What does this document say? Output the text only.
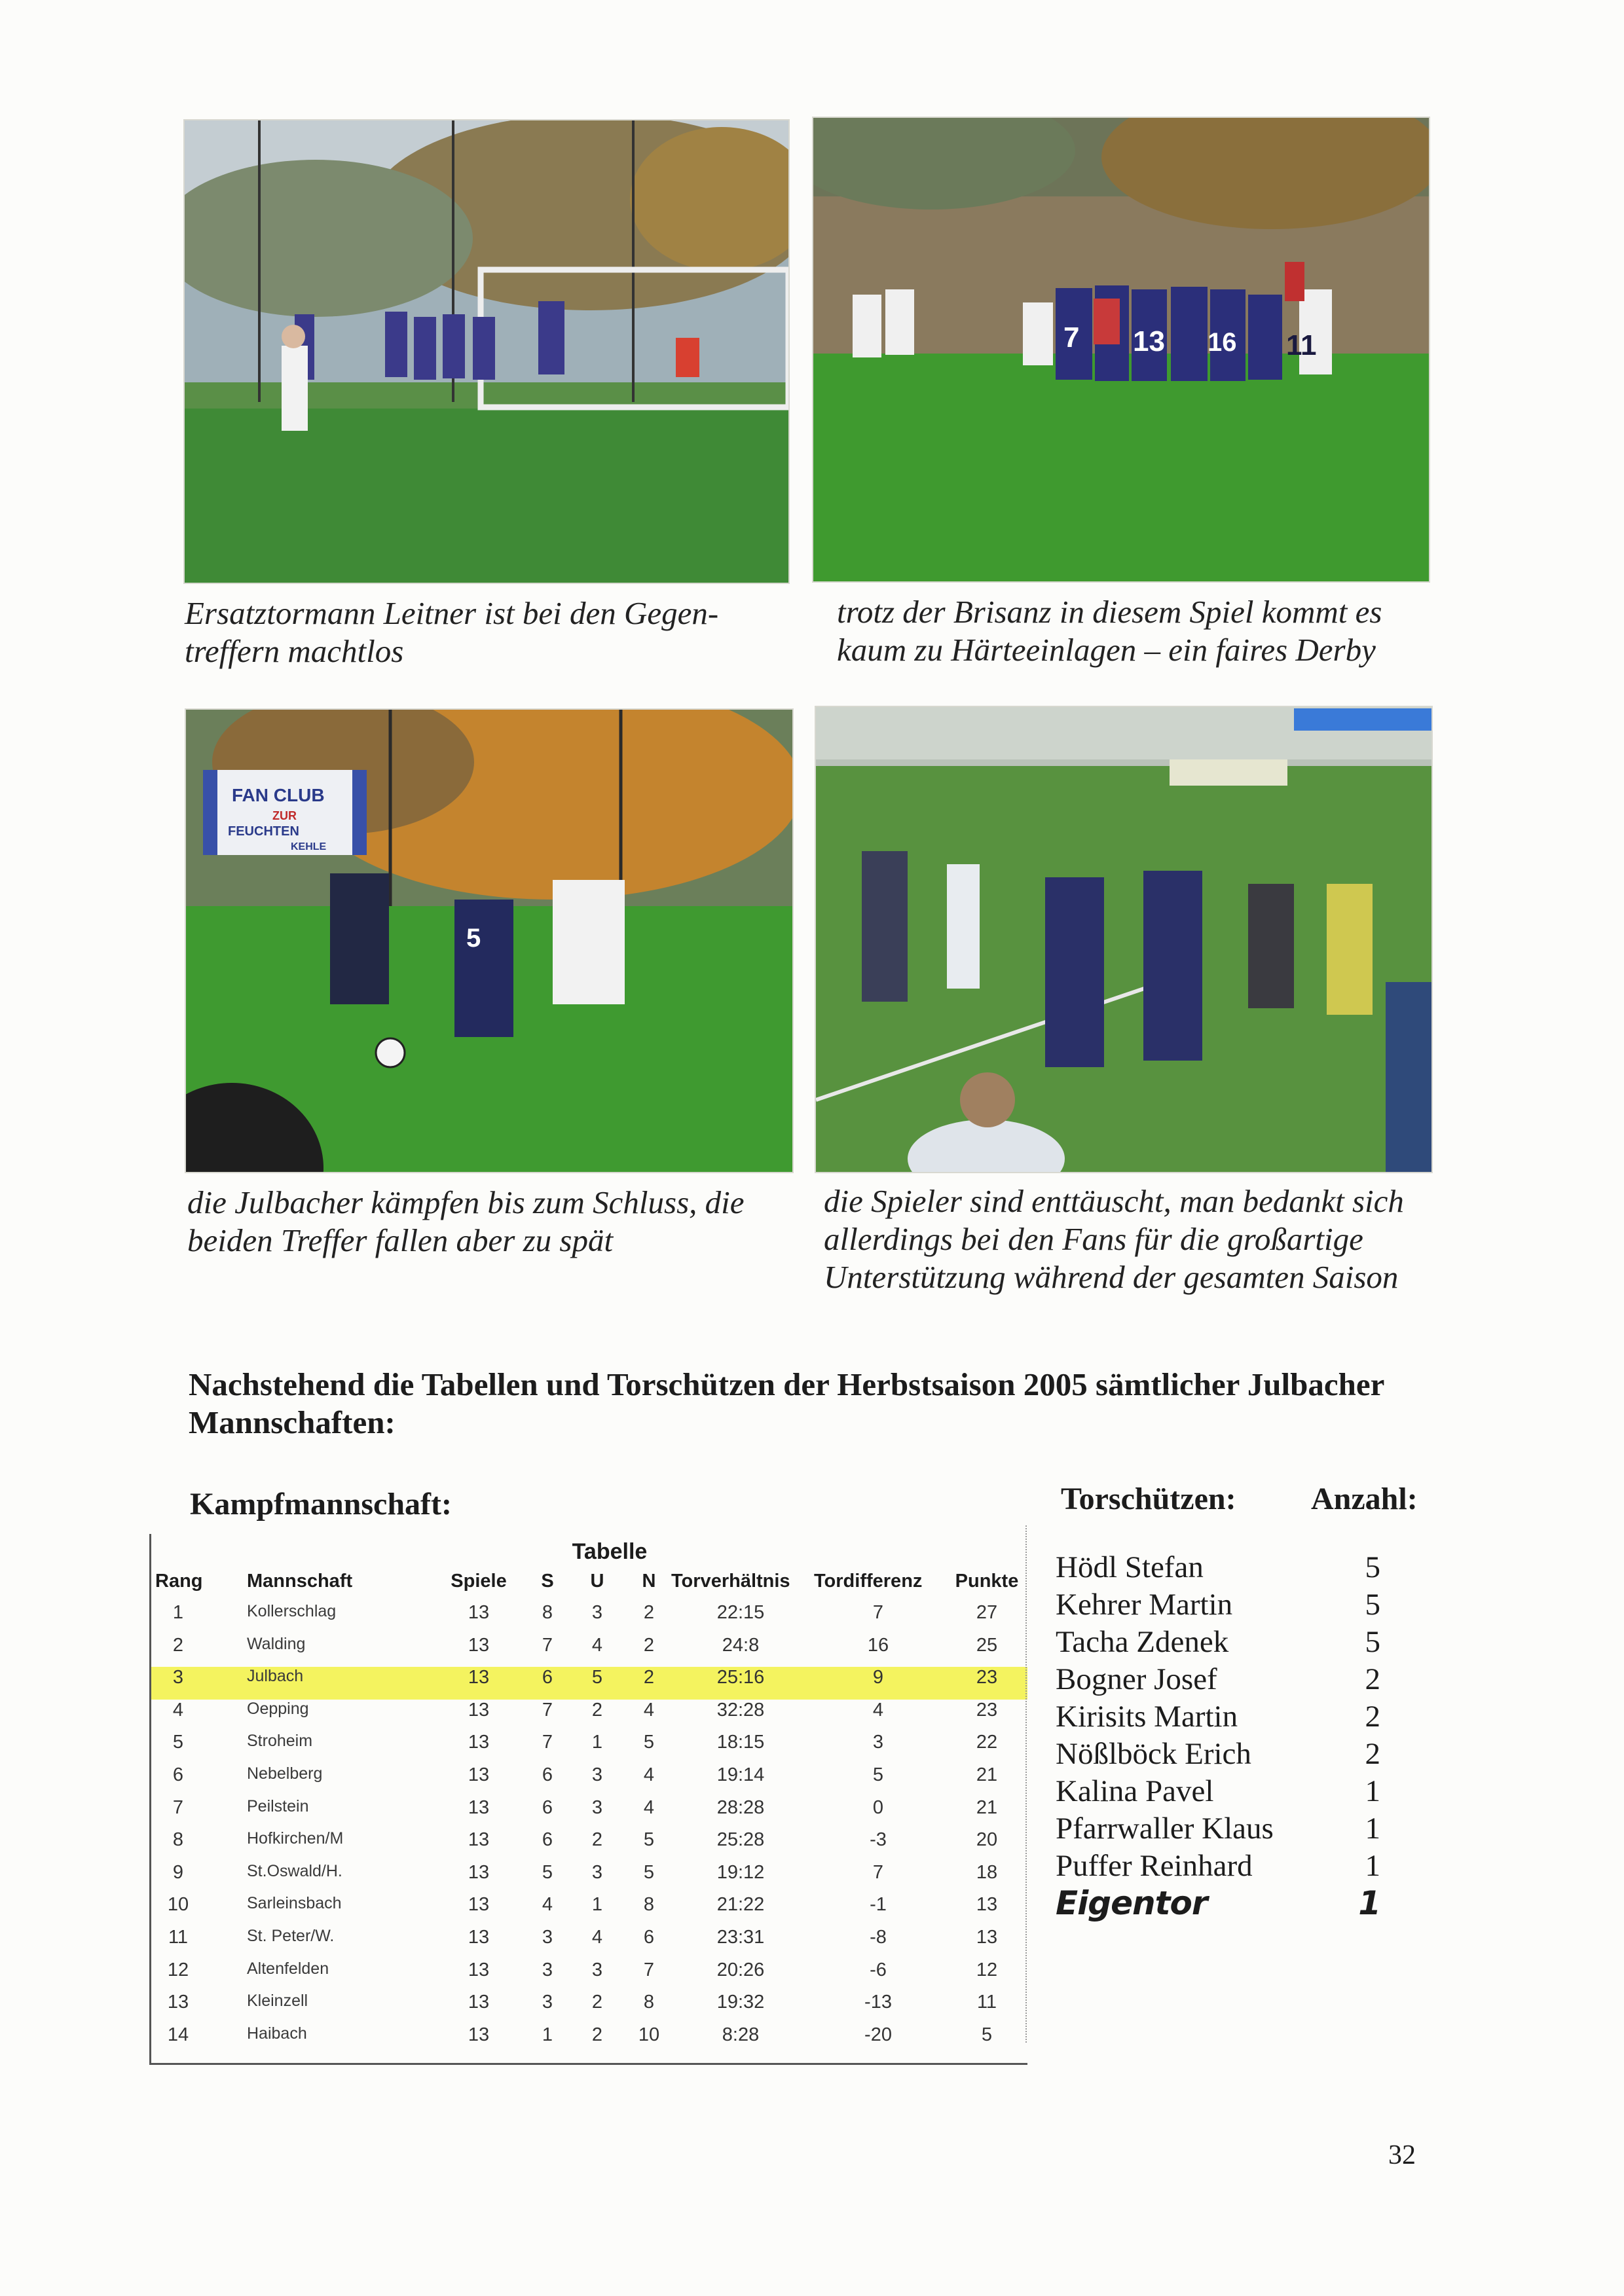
7 13 16 11
Ersatztormann Leitner ist bei den Gegen-
treffern machtlos
trotz der Brisanz in diesem Spiel kommt es
kaum zu Härteeinlagen – ein faires Derby
FAN CLUB
ZUR
FEUCHTEN
KEHLE
5
die Julbacher kämpfen bis zum Schluss, die
beiden Treffer fallen aber zu spät
die Spieler sind enttäuscht, man bedankt sich
allerdings bei den Fans für die großartige
Unterstützung während der gesamten Saison
Nachstehend die Tabellen und Torschützen der Herbstsaison 2005 sämtlicher Julbacher Mannschaften:
Kampfmannschaft:	Torschützen: Anzahl:
Tabelle
Rang Mannschaft	Spiele	S	U	N Torverhältnis Tordifferenz	Punkte
1	Kollerschlag	13	8	3	2	22:15	7	27
2	Walding	13	7	4	2	24:8	16	25
3	Julbach	13	6	5	2	25:16	9	23
4	Oepping	13	7	2	4	32:28	4	23
5	Stroheim	13	7	1	5	18:15	3	22
6	Nebelberg	13	6	3	4	19:14	5	21
7	Peilstein	13	6	3	4	28:28	0	21
8	Hofkirchen/M	13	6	2	5	25:28	-3	20
9	St.Oswald/H.	13	5	3	5	19:12	7	18
10	Sarleinsbach	13	4	1	8	21:22	-1	13
11	St. Peter/W.	13	3	4	6	23:31	-8	13
12	Altenfelden	13	3	3	7	20:26	-6	12
13	Kleinzell	13	3	2	8	19:32	-13	11
14	Haibach	13	1	2	10	8:28	-20	5
Hödl Stefan	5
Kehrer Martin	5
Tacha Zdenek	5
Bogner Josef	2
Kirisits Martin	2
Nößlböck Erich	2
Kalina Pavel	1
Pfarrwaller Klaus	1
Puffer Reinhard	1
Eigentor	1
32
